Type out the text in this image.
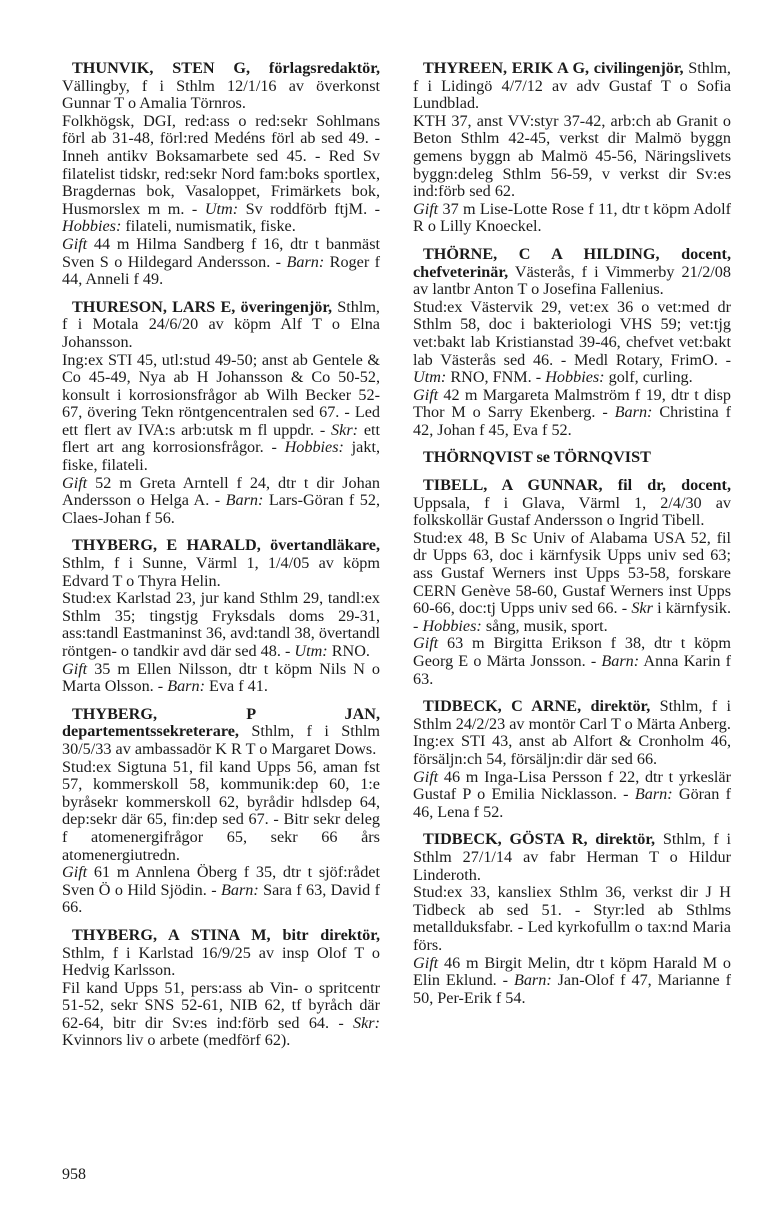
THUNVIK, STEN G, förlagsredaktör, Vällingby, f i Sthlm 12/1/16 av överkonst Gunnar T o Amalia Törnros.

Folkhögsk, DGI, red:ass o red:sekr Sohlmans förl ab 31-48, förl:red Medéns förl ab sed 49. - Inneh antikv Boksamarbete sed 45. - Red Sv filatelist tidskr, red:sekr Nord fam:boks sportlex, Bragdernas bok, Vasaloppet, Frimärkets bok, Husmorslex m m. - Utm: Sv roddförb ftjM. - Hobbies: filateli, numismatik, fiske.

Gift 44 m Hilma Sandberg f 16, dtr t banmäst Sven S o Hildegard Andersson. - Barn: Roger f 44, Anneli f 49.

THURESON, LARS E, överingenjör, Sthlm, f i Motala 24/6/20 av köpm Alf T o Elna Johansson.

Ing:ex STI 45, utl:stud 49-50; anst ab Gentele & Co 45-49, Nya ab H Johansson & Co 50-52, konsult i korrosionsfrågor ab Wilh Becker 52-67, övering Tekn röntgencentralen sed 67. - Led ett flert av IVA:s arb:utsk m fl uppdr. - Skr: ett flert art ang korrosionsfrågor. - Hobbies: jakt, fiske, filateli.

Gift 52 m Greta Arntell f 24, dtr t dir Johan Andersson o Helga A. - Barn: Lars-Göran f 52, Claes-Johan f 56.

THYBERG, E HARALD, övertandläkare, Sthlm, f i Sunne, Värml 1, 1/4/05 av köpm Edvard T o Thyra Helin.

Stud:ex Karlstad 23, jur kand Sthlm 29, tandl:ex Sthlm 35; tingstjg Fryksdals doms 29-31, ass:tandl Eastmaninst 36, avd:tandl 38, övertandl röntgen- o tandkir avd där sed 48. - Utm: RNO.

Gift 35 m Ellen Nilsson, dtr t köpm Nils N o Marta Olsson. - Barn: Eva f 41.

THYBERG, P JAN, departementssekreterare, Sthlm, f i Sthlm 30/5/33 av ambassadör K R T o Margaret Dows.

Stud:ex Sigtuna 51, fil kand Upps 56, aman fst 57, kommerskoll 58, kommunik:dep 60, 1:e byråsekr kommerskoll 62, byrådir hdlsdep 64, dep:sekr där 65, fin:dep sed 67. - Bitr sekr deleg f atomenergifrågor 65, sekr 66 års atomenergiutredn.

Gift 61 m Annlena Öberg f 35, dtr t sjöf:rådet Sven Ö o Hild Sjödin. - Barn: Sara f 63, David f 66.

THYBERG, A STINA M, bitr direktör, Sthlm, f i Karlstad 16/9/25 av insp Olof T o Hedvig Karlsson.

Fil kand Upps 51, pers:ass ab Vin- o spritcentr 51-52, sekr SNS 52-61, NIB 62, tf byråch där 62-64, bitr dir Sv:es ind:förb sed 64. - Skr: Kvinnors liv o arbete (medförf 62).

THYREEN, ERIK A G, civilingenjör, Sthlm, f i Lidingö 4/7/12 av adv Gustaf T o Sofia Lundblad.

KTH 37, anst VV:styr 37-42, arb:ch ab Granit o Beton Sthlm 42-45, verkst dir Malmö byggn gemens byggn ab Malmö 45-56, Näringslivets byggn:deleg Sthlm 56-59, v verkst dir Sv:es ind:förb sed 62.

Gift 37 m Lise-Lotte Rose f 11, dtr t köpm Adolf R o Lilly Knoeckel.

THÖRNE, C A HILDING, docent, chefveterinär, Västerås, f i Vimmerby 21/2/08 av lantbr Anton T o Josefina Fallenius.

Stud:ex Västervik 29, vet:ex 36 o vet:med dr Sthlm 58, doc i bakteriologi VHS 59; vet:tjg vet:bakt lab Kristianstad 39-46, chefvet vet:bakt lab Västerås sed 46. - Medl Rotary, FrimO. - Utm: RNO, FNM. - Hobbies: golf, curling.

Gift 42 m Margareta Malmström f 19, dtr t disp Thor M o Sarry Ekenberg. - Barn: Christina f 42, Johan f 45, Eva f 52.

THÖRNQVIST se TÖRNQVIST

TIBELL, A GUNNAR, fil dr, docent, Uppsala, f i Glava, Värml 1, 2/4/30 av folkskollär Gustaf Andersson o Ingrid Tibell.

Stud:ex 48, B Sc Univ of Alabama USA 52, fil dr Upps 63, doc i kärnfysik Upps univ sed 63; ass Gustaf Werners inst Upps 53-58, forskare CERN Genève 58-60, Gustaf Werners inst Upps 60-66, doc:tj Upps univ sed 66. - Skr i kärnfysik. - Hobbies: sång, musik, sport.

Gift 63 m Birgitta Erikson f 38, dtr t köpm Georg E o Märta Jonsson. - Barn: Anna Karin f 63.

TIDBECK, C ARNE, direktör, Sthlm, f i Sthlm 24/2/23 av montör Carl T o Märta Anberg.

Ing:ex STI 43, anst ab Alfort & Cronholm 46, försäljn:ch 54, försäljn:dir där sed 66.

Gift 46 m Inga-Lisa Persson f 22, dtr t yrkeslär Gustaf P o Emilia Nicklasson. - Barn: Göran f 46, Lena f 52.

TIDBECK, GÖSTA R, direktör, Sthlm, f i Sthlm 27/1/14 av fabr Herman T o Hildur Linderoth.

Stud:ex 33, kansliex Sthlm 36, verkst dir J H Tidbeck ab sed 51. - Styr:led ab Sthlms metallduksfabr. - Led kyrkofullm o tax:nd Maria förs.

Gift 46 m Birgit Melin, dtr t köpm Harald M o Elin Eklund. - Barn: Jan-Olof f 47, Marianne f 50, Per-Erik f 54.

958
